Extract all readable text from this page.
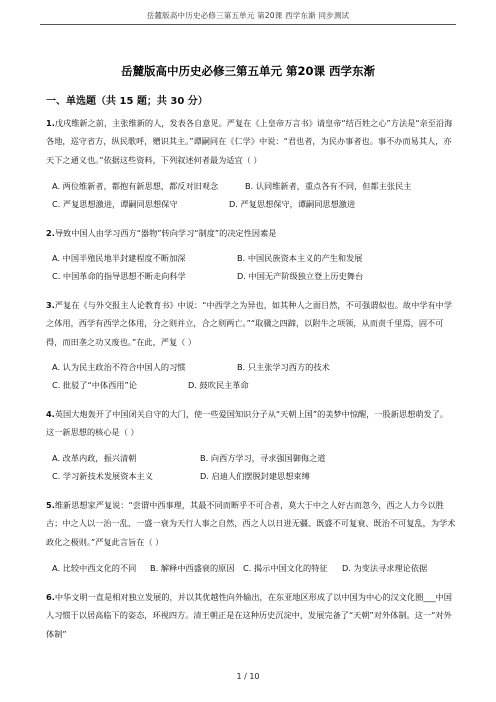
岳麓版高中历史必修三第五单元 第20课 西学东渐 同步测试
岳麓版高中历史必修三第五单元 第20课 西学东渐
一、单选题（共 15 题；共 30 分）
1.戊戌维新之前，主张维新的人，发表各自意见。严复在《上皇帝万言书》请皇帝“结百姓之心”方法是“亲至沿海各地，巡守省方，纵民歌呼，赠识其主。”谭嗣同在《仁学》中说：“君也者，为民办事者也。事不办而易其人，亦天下之通义也。”依据这些资料，下列叙述何者最为适宜（ ）
A. 两位维新者，都抱有新思想，都反对旧观念	B. 认同维新者，重点各有不同，但都主张民主
C. 严复思想激进，谭嗣同思想保守	D. 严复思想保守，谭嗣同思想激进
2.导致中国人由学习西方“器物”转向学习“制度”的决定性因素是
A. 中国半殖民地半封建程度不断加深	B. 中国民族资本主义的产生和发展
C. 中国革命的指导思想不断走向科学	D. 中国无产阶级独立登上历史舞台
3.严复在《与外交报主人论教育书》中说：“中西学之为异也，如其种人之面目然，不可强谓似也。故中学有中学之体用，西学有西学之体用，分之则并立，合之则两亡。”“取骥之四蹄，以附牛之项领，从而责千里焉，固不可得，而田垄之功又废也。”在此，严复（ ）
A. 认为民主政治不符合中国人的习惯	B. 只主张学习西方的技术
C. 批驳了“中体西用”论	D. 鼓吹民主革命
4.英国大炮轰开了中国闭关自守的大门，使一些爱国知识分子从“天朝上国”的美梦中惊醒，一股新思想萌发了。这一新思想的核心是（ ）
A. 改革内政，振兴清朝	B. 向西方学习，寻求强国御侮之道
C. 学习新技术发展资本主义	D. 启迪人们摆脱封建思想束缚
5.维新思想家严复说：“尝谓中西事理，其最不同而断乎不可合者，莫大于中之人好古而忽今，西之人力今以胜古；中之人以一治一乱、一盛一衰为天行人事之自然，西之人以日进无疆、既盛不可复衰、既治不可复乱，为学术政化之极则。”严复此言旨在（ ）
A. 比较中西文化的不同 B. 解释中西盛衰的原因 C. 揭示中国文化的特征 D. 为变法寻求理论依据
6.中华文明一直是相对独立发展的，并以其优越性向外输出，在东亚地区形成了以中国为中心的汉文化圈___中国人习惯于以居高临下的姿态，环视四方。清王朝正是在这种历史沉淀中，发展完备了“天朝”对外体制。这一“对外体制”
1 / 10
